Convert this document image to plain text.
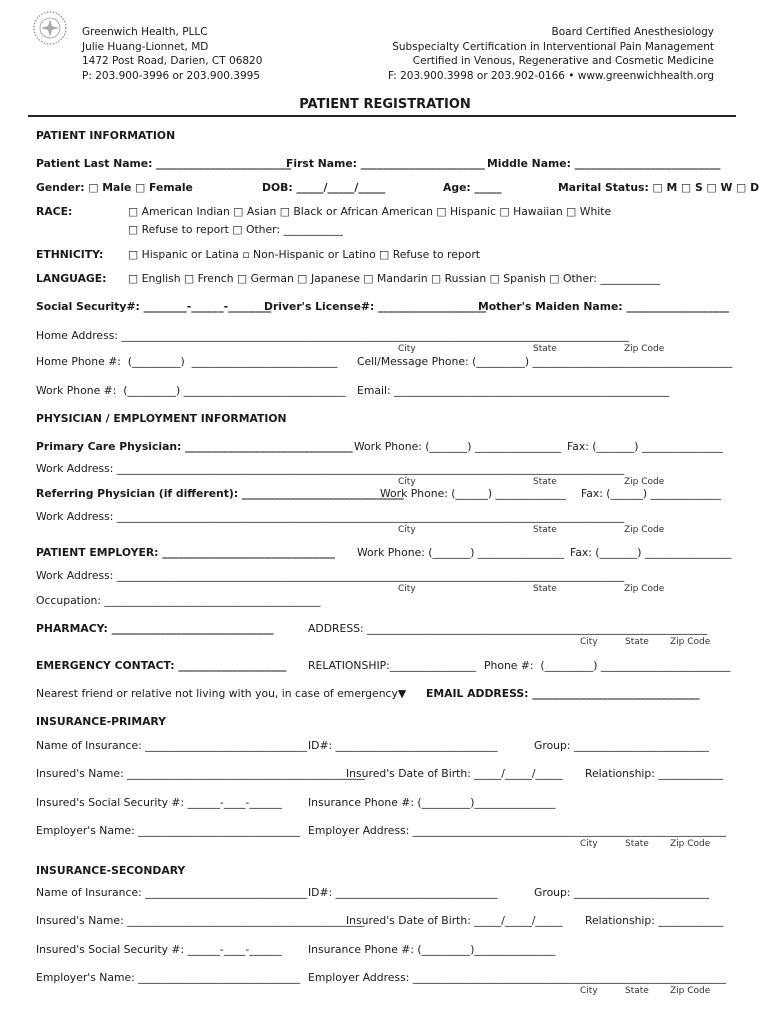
Greenwich Health, PLLC
Julie Huang-Lionnet, MD
1472 Post Road, Darien, CT 06820
P: 203.900-3996 or 203.900.3995
Board Certified Anesthesiology
Subspecialty Certification in Interventional Pain Management
Certified in Venous, Regenerative and Cosmetic Medicine
F: 203.900.3998 or 203.902-0166 • www.greenwichhealth.org
PATIENT REGISTRATION
PATIENT INFORMATION
Patient Last Name: _________________________
First Name: _______________________ Middle Name: ___________________________
Gender: □ Male □ Female	DOB: _____/_____/_____	Age: _____	Marital Status: □ M □ S □ W □ D
RACE:	□ American Indian □ Asian □ Black or African American □ Hispanic □ Hawaiian □ White
□ Refuse to report □ Other: ___________
ETHNICITY: □ Hispanic or Latina ▫ Non-Hispanic or Latino □ Refuse to report
LANGUAGE: □ English □ French □ German □ Japanese □ Mandarin □ Russian □ Spanish □ Other: ___________
Social Security#: ________-______-________
Driver's License#: ____________________
Mother's Maiden Name: ___________________
Home Address: ______________________________________________________________________________________________
City	State	Zip Code
Home Phone #:  (_________)  ___________________________ Cell/Message Phone: (_________) _____________________________________
Work Phone #:  (_________) ______________________________ Email: ___________________________________________________
PHYSICIAN / EMPLOYMENT INFORMATION
Primary Care Physician: _______________________________ Work Phone: (_______) ________________ Fax: (_______) _______________
Work Address: ______________________________________________________________________________________________
City	State	Zip Code
Referring Physician (if different): ______________________________
Work Phone: (______) _____________ Fax: (______) _____________
Work Address: ______________________________________________________________________________________________
City	State	Zip Code
PATIENT EMPLOYER: ________________________________ Work Phone: (_______) ________________ Fax: (_______) ________________
Work Address: ______________________________________________________________________________________________
City	State	Zip Code
Occupation: ________________________________________
PHARMACY: ______________________________	ADDRESS: _______________________________________________________________
City	State Zip Code
EMERGENCY CONTACT: ____________________ RELATIONSHIP:________________ Phone #:  (_________) ________________________
Nearest friend or relative not living with you, in case of emergency▼ EMAIL ADDRESS: _______________________________
INSURANCE-PRIMARY
Name of Insurance: ______________________________ ID#: ______________________________	Group: _________________________
Insured's Name: ____________________________________________
Insured's Date of Birth: _____/_____/_____ Relationship: ____________
Insured's Social Security #: ______-____-______ Insurance Phone #: (_________)_______________
Employer's Name: ______________________________ Employer Address: __________________________________________________________
City	State Zip Code
INSURANCE-SECONDARY
Name of Insurance: ______________________________ ID#: ______________________________	Group: _________________________
Insured's Name: ____________________________________________
Insured's Date of Birth: _____/_____/_____ Relationship: ____________
Insured's Social Security #: ______-____-______ Insurance Phone #: (_________)_______________
Employer's Name: ______________________________ Employer Address: __________________________________________________________
City	State Zip Code
